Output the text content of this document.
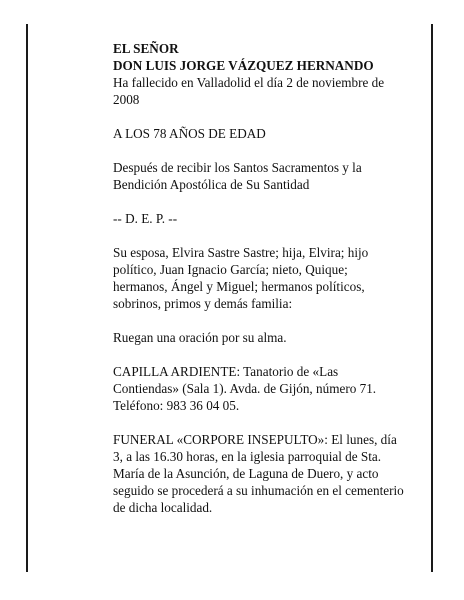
EL SEÑOR

DON LUIS JORGE VÁZQUEZ HERNANDO

Ha fallecido en Valladolid el día 2 de noviembre de 2008

A LOS 78 AÑOS DE EDAD

Después de recibir los Santos Sacramentos y la Bendición Apostólica de Su Santidad

-- D. E. P. --

Su esposa, Elvira Sastre Sastre; hija, Elvira; hijo político, Juan Ignacio García; nieto, Quique; hermanos, Ángel y Miguel; hermanos políticos, sobrinos, primos y demás familia:

Ruegan una oración por su alma.

CAPILLA ARDIENTE: Tanatorio de «Las Contiendas» (Sala 1). Avda. de Gijón, número 71. Teléfono: 983 36 04 05.

FUNERAL «CORPORE INSEPULTO»: El lunes, día 3, a las 16.30 horas, en la iglesia parroquial de Sta. María de la Asunción, de Laguna de Duero, y acto seguido se procederá a su inhumación en el cementerio de dicha localidad.
